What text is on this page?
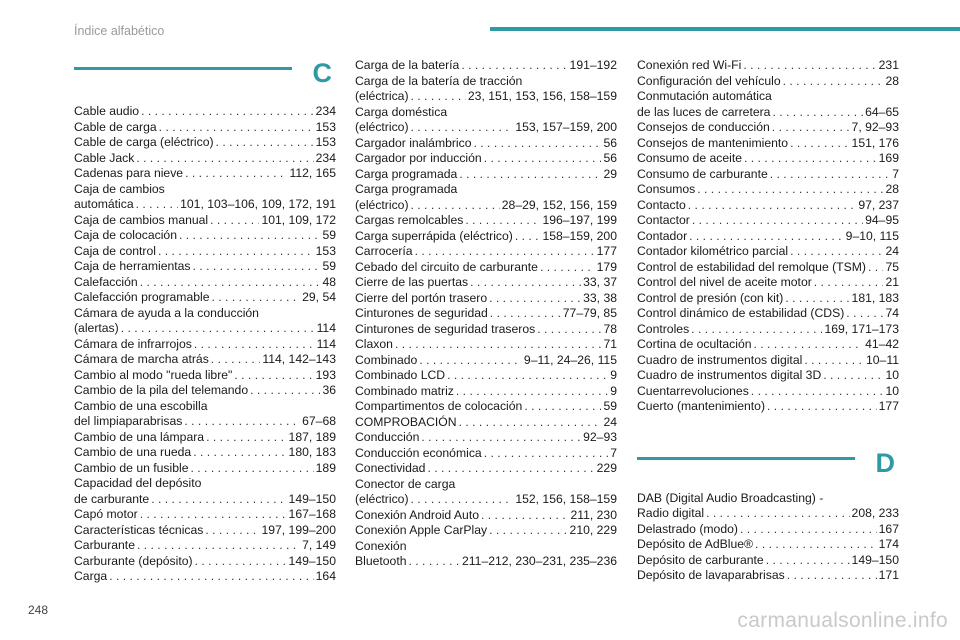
Índice alfabético
C
Cable audio . . .	234
Cable de carga . . .	153
Cable de carga (eléctrico) . . .	153
Cable Jack . . .	234
Cadenas para nieve . . .	112, 165
Caja de cambios
automática . . .	101, 103–106, 109, 172, 191
Caja de cambios manual . . .	101, 109, 172
Caja de colocación . . .	59
Caja de control . . .	153
Caja de herramientas . . .	59
Calefacción . . .	48
Calefacción programable . . .	29, 54
Cámara de ayuda a la conducción
(alertas) . . .	114
Cámara de infrarrojos . . .	114
Cámara de marcha atrás . . .	114, 142–143
Cambio al modo "rueda libre" . . .	193
Cambio de la pila del telemando . . .	36
Cambio de una escobilla
del limpiaparabrisas . . .	67–68
Cambio de una lámpara . . .	187, 189
Cambio de una rueda . . .	180, 183
Cambio de un fusible . . .	189
Capacidad del depósito
de carburante . . .	149–150
Capó motor . . .	167–168
Características técnicas . . .	197, 199–200
Carburante . . .	7, 149
Carburante (depósito) . . .	149–150
Carga . . .	164
Carga de la batería . . .	191–192
Carga de la batería de tracción
(eléctrica) . . .	23, 151, 153, 156, 158–159
Carga doméstica
(eléctrico) . . .	153, 157–159, 200
Cargador inalámbrico . . .	56
Cargador por inducción . . .	56
Carga programada . . .	29
Carga programada
(eléctrico) . . .	28–29, 152, 156, 159
Cargas remolcables . . .	196–197, 199
Carga superrápida (eléctrico) . . . 158–159, 200
Carrocería . . .	177
Cebado del circuito de carburante . . .	179
Cierre de las puertas . . .	33, 37
Cierre del portón trasero . . .	33, 38
Cinturones de seguridad . . .	77–79, 85
Cinturones de seguridad traseros . . .	78
Claxon . . .	71
Combinado . . .	9–11, 24–26, 115
Combinado LCD . . .	9
Combinado matriz . . .	9
Compartimentos de colocación . . .	59
COMPROBACIÓN . . .	24
Conducción . . .	92–93
Conducción económica . . .	7
Conectividad . . .	229
Conector de carga
(eléctrico) . . .	152, 156, 158–159
Conexión Android Auto . . .	211, 230
Conexión Apple CarPlay . . .	210, 229
Conexión
Bluetooth . . .	211–212, 230–231, 235–236
Conexión red Wi-Fi . . .	231
Configuración del vehículo . . .	28
Conmutación automática
de las luces de carretera . . .	64–65
Consejos de conducción . . .	7, 92–93
Consejos de mantenimiento . . .	151, 176
Consumo de aceite . . .	169
Consumo de carburante . . .	7
Consumos . . .	28
Contacto . . .	97, 237
Contactor . . .	94–95
Contador . . .	9–10, 115
Contador kilométrico parcial . . .	24
Control de estabilidad del remolque (TSM) . . . 75
Control del nivel de aceite motor . . .	21
Control de presión (con kit) . . .	181, 183
Control dinámico de estabilidad (CDS) . . .	74
Controles . . .	169, 171–173
Cortina de ocultación . . .	41–42
Cuadro de instrumentos digital . . .	10–11
Cuadro de instrumentos digital 3D . . .	10
Cuentarrevoluciones . . .	10
Cuerto (mantenimiento) . . .	177
D
DAB (Digital Audio Broadcasting) -
Radio digital . . .	208, 233
Delastrado (modo) . . .	167
Depósito de AdBlue® . . .	174
Depósito de carburante . . .	149–150
Depósito de lavaparabrisas . . .	171
248	carmanualsonline.info
